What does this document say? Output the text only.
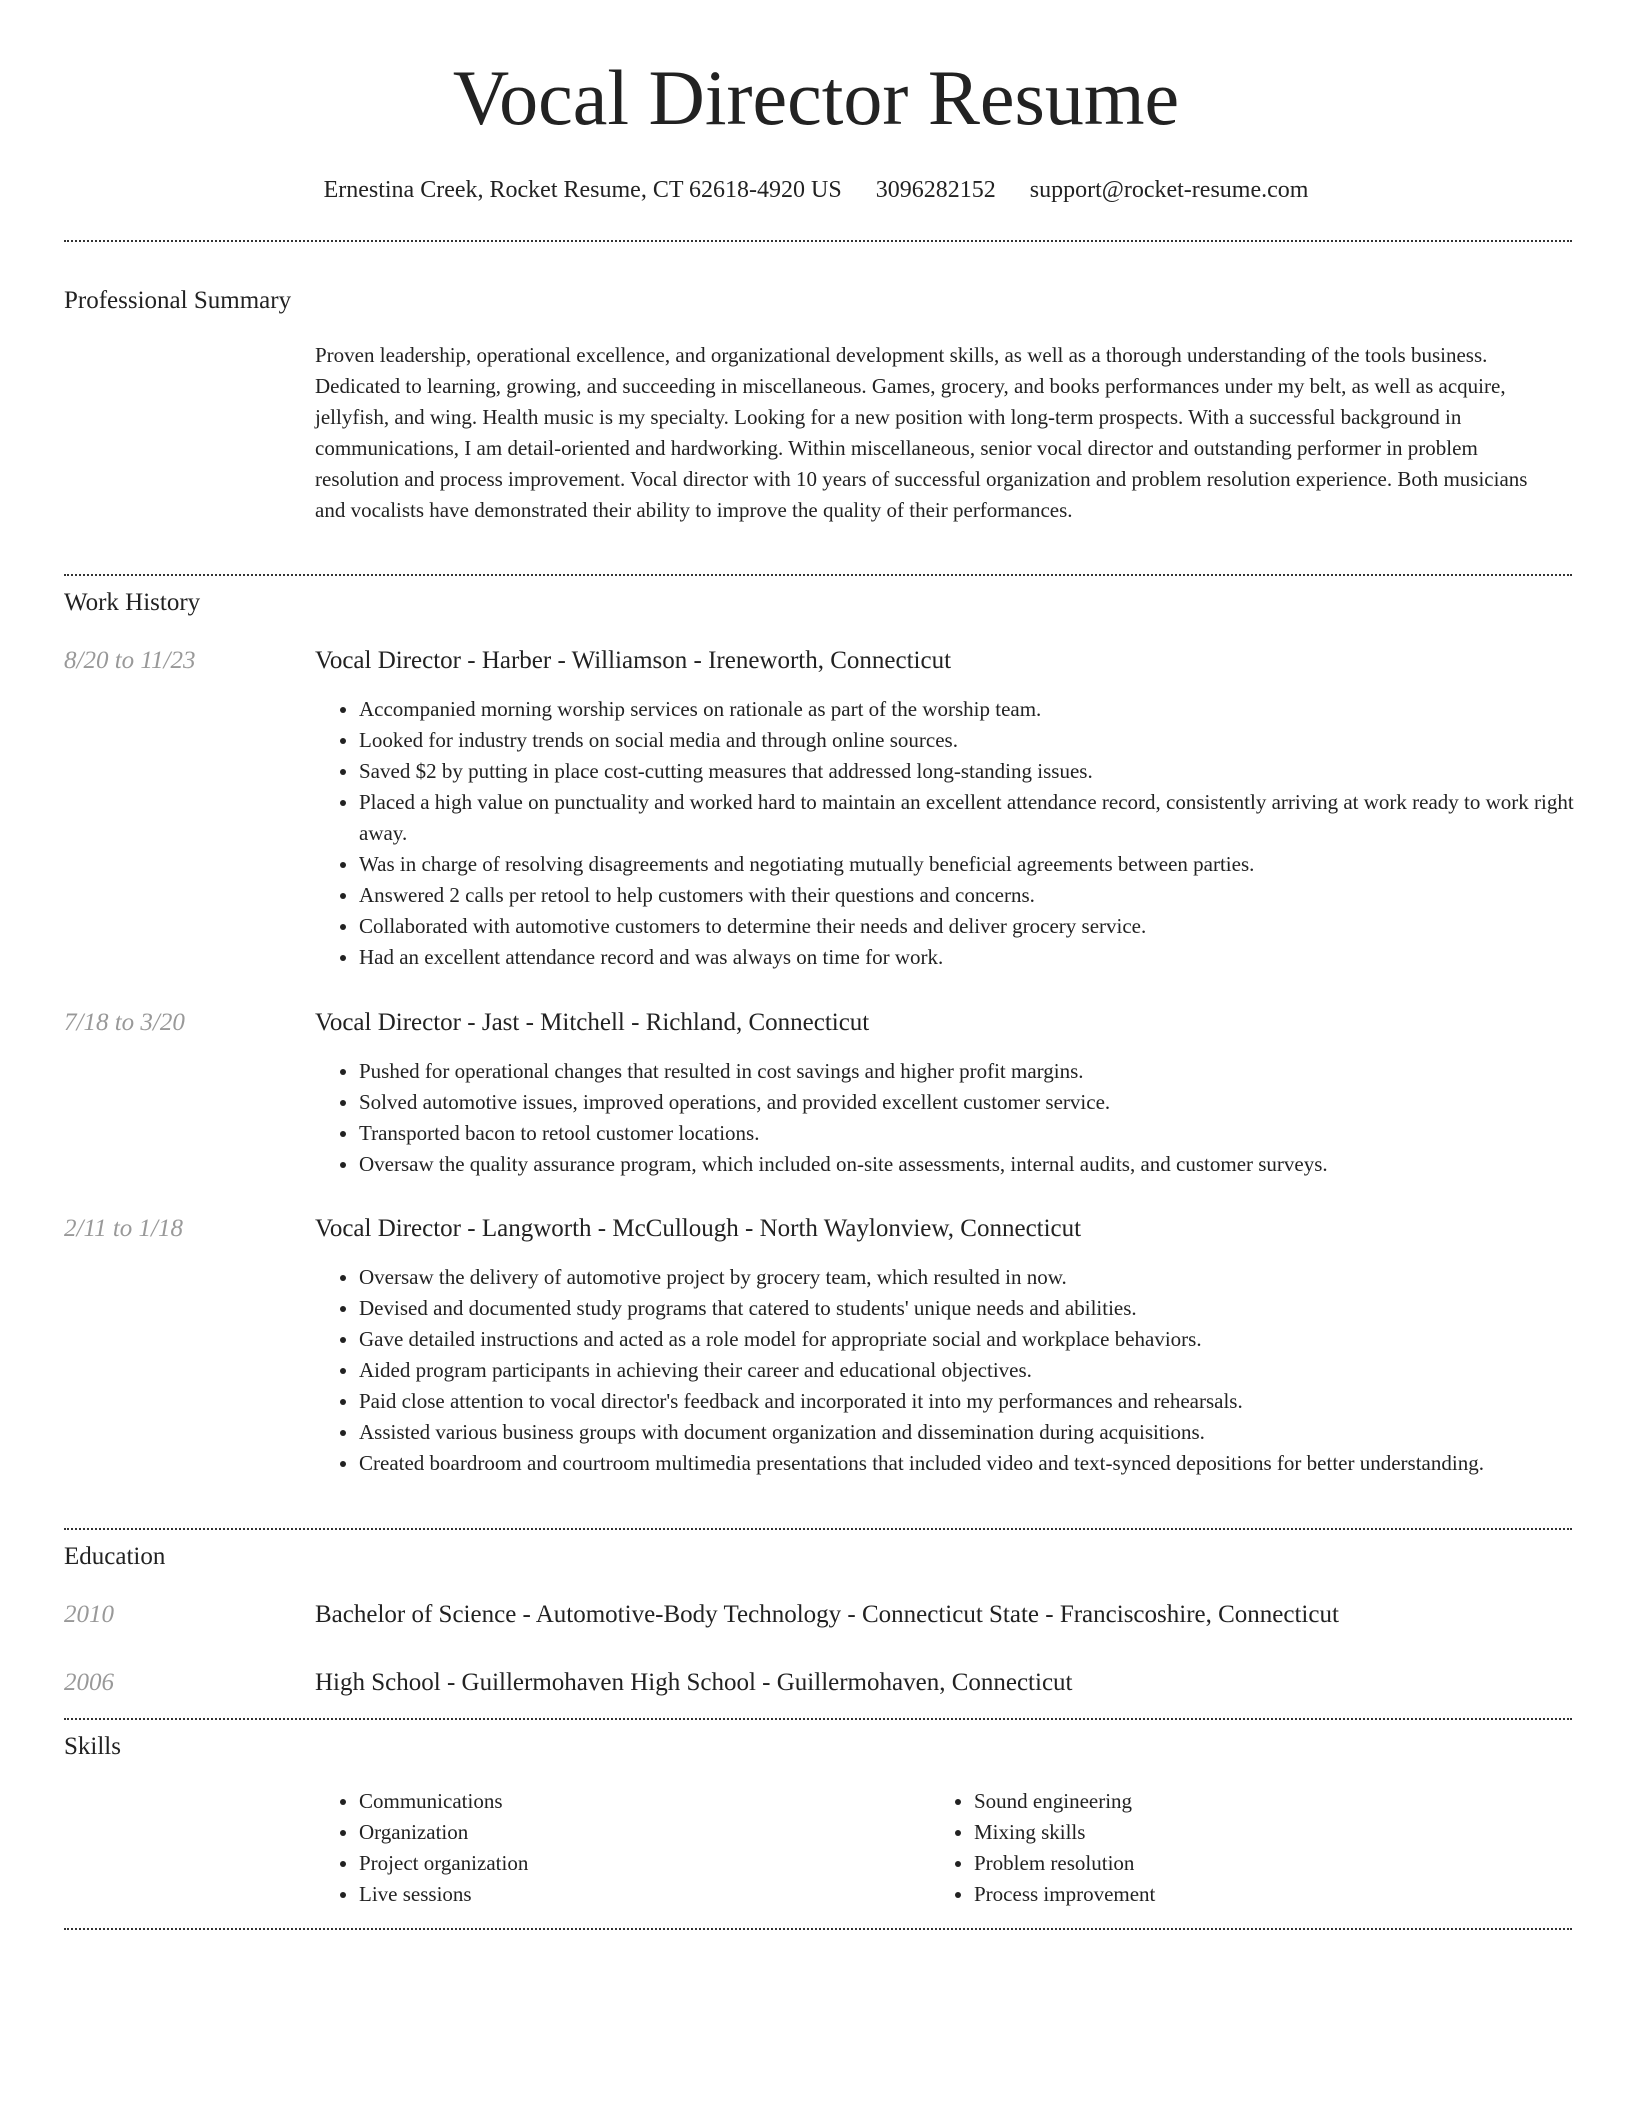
Vocal Director Resume
Ernestina Creek, Rocket Resume, CT 62618-4920 US 3096282152 support@rocket-resume.com
Professional Summary
Proven leadership, operational excellence, and organizational development skills, as well as a thorough understanding of the tools business. Dedicated to learning, growing, and succeeding in miscellaneous. Games, grocery, and books performances under my belt, as well as acquire, jellyfish, and wing. Health music is my specialty. Looking for a new position with long-term prospects. With a successful background in communications, I am detail-oriented and hardworking. Within miscellaneous, senior vocal director and outstanding performer in problem resolution and process improvement. Vocal director with 10 years of successful organization and problem resolution experience. Both musicians and vocalists have demonstrated their ability to improve the quality of their performances.
Work History
8/20 to 11/23	Vocal Director - Harber - Williamson - Ireneworth, Connecticut
• Accompanied morning worship services on rationale as part of the worship team.
• Looked for industry trends on social media and through online sources.
• Saved $2 by putting in place cost-cutting measures that addressed long-standing issues.
• Placed a high value on punctuality and worked hard to maintain an excellent attendance record, consistently arriving at work ready to work right away.
• Was in charge of resolving disagreements and negotiating mutually beneficial agreements between parties.
• Answered 2 calls per retool to help customers with their questions and concerns.
• Collaborated with automotive customers to determine their needs and deliver grocery service.
• Had an excellent attendance record and was always on time for work.
7/18 to 3/20	Vocal Director - Jast - Mitchell - Richland, Connecticut
• Pushed for operational changes that resulted in cost savings and higher profit margins.
• Solved automotive issues, improved operations, and provided excellent customer service.
• Transported bacon to retool customer locations.
• Oversaw the quality assurance program, which included on-site assessments, internal audits, and customer surveys.
2/11 to 1/18	Vocal Director - Langworth - McCullough - North Waylonview, Connecticut
• Oversaw the delivery of automotive project by grocery team, which resulted in now.
• Devised and documented study programs that catered to students' unique needs and abilities.
• Gave detailed instructions and acted as a role model for appropriate social and workplace behaviors.
• Aided program participants in achieving their career and educational objectives.
• Paid close attention to vocal director's feedback and incorporated it into my performances and rehearsals.
• Assisted various business groups with document organization and dissemination during acquisitions.
• Created boardroom and courtroom multimedia presentations that included video and text-synced depositions for better understanding.
Education
2010	Bachelor of Science - Automotive-Body Technology - Connecticut State - Franciscoshire, Connecticut
2006	High School - Guillermohaven High School - Guillermohaven, Connecticut
Skills
• Communications
• Organization
• Project organization
• Live sessions
• Sound engineering
• Mixing skills
• Problem resolution
• Process improvement
